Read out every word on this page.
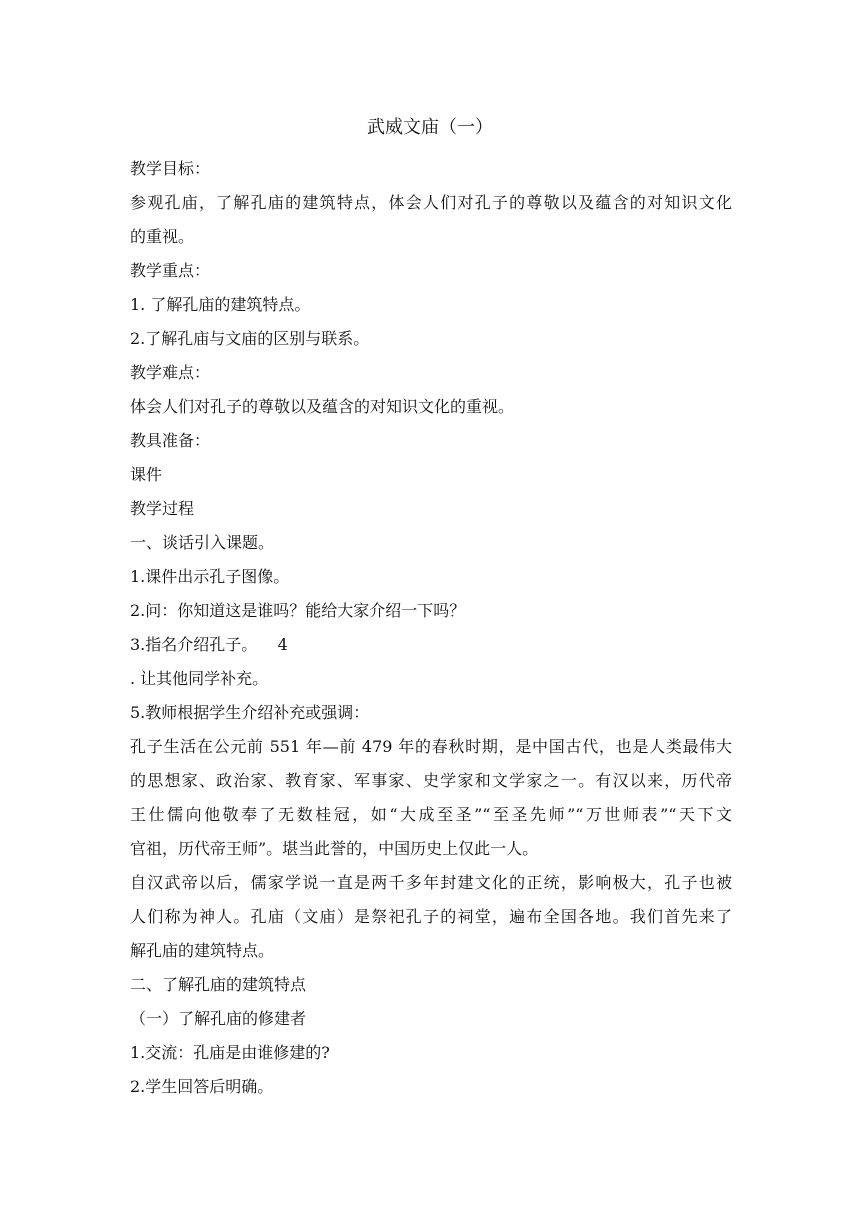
武威文庙（一）
教学目标：
参观孔庙，了解孔庙的建筑特点，体会人们对孔子的尊敬以及蕴含的对知识文化
的重视。
教学重点：
1. 了解孔庙的建筑特点。
2.了解孔庙与文庙的区别与联系。
教学难点：
体会人们对孔子的尊敬以及蕴含的对知识文化的重视。
教具准备：
课件
教学过程
一、谈话引入课题。
1.课件出示孔子图像。
2.问：你知道这是谁吗？能给大家介绍一下吗？
3.指名介绍孔子。    4
. 让其他同学补充。
5.教师根据学生介绍补充或强调：
孔子生活在公元前 551 年—前 479 年的春秋时期，是中国古代，也是人类最伟大
的思想家、政治家、教育家、军事家、史学家和文学家之一。有汉以来，历代帝
王仕儒向他敬奉了无数桂冠，如“大成至圣”“至圣先师”“万世师表”“天下文
官祖，历代帝王师”。堪当此誉的，中国历史上仅此一人。
自汉武帝以后，儒家学说一直是两千多年封建文化的正统，影响极大，孔子也被
人们称为神人。孔庙（文庙）是祭祀孔子的祠堂，遍布全国各地。我们首先来了
解孔庙的建筑特点。
二、了解孔庙的建筑特点
（一）了解孔庙的修建者
1.交流：孔庙是由谁修建的?
2.学生回答后明确。
